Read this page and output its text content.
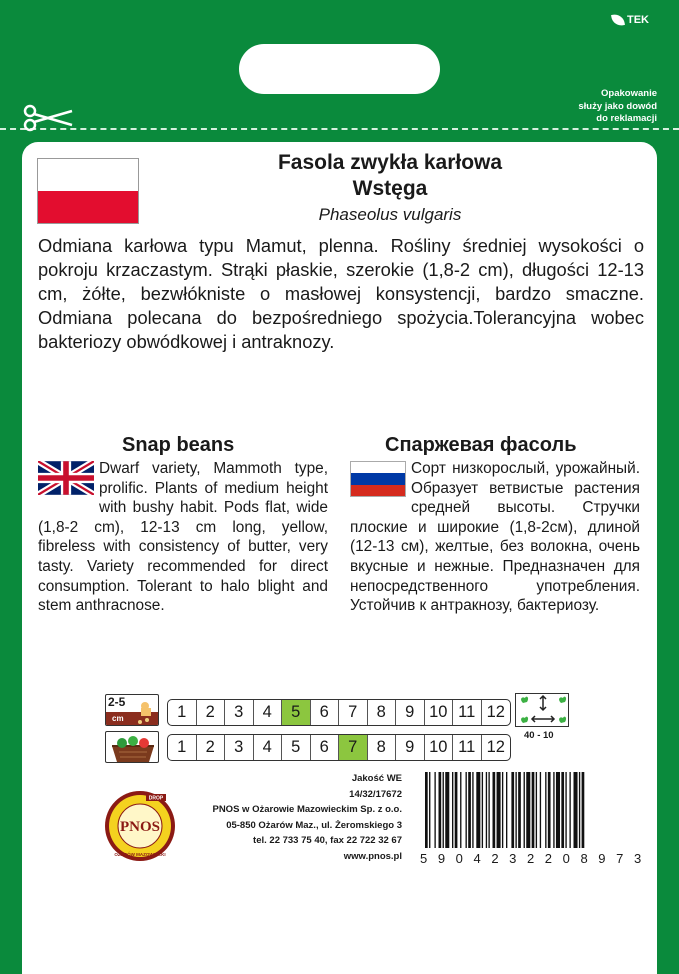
TEK
Opakowanie
służy jako dowód
do reklamacji
Fasola zwykła karłowa
Wstęga
Phaseolus vulgaris
Odmiana karłowa typu Mamut, plenna. Rośliny średniej wysokości o pokroju krzaczastym. Strąki płaskie, szerokie (1,8-2 cm), długości 12-13 cm, żółte, bezwłókniste o masłowej konsystencji, bardzo smaczne. Odmiana polecana do bezpośredniego spożycia.Tolerancyjna wobec bakteriozy obwódkowej i antraknozy.
Snap beans	Спаржевая фасоль
Dwarf variety, Mammoth type, prolific. Plants of medium height with bushy habit. Pods flat, wide (1,8-2 cm), 12-13 cm long, yellow, fibreless with consistency of butter, very tasty. Variety recommended for direct consumption. Tolerant to halo blight and stem anthracnose.
Сорт низкорослый, урожайный. Образует ветвистые растения средней высоты. Стручки плоские и широкие (1,8-2см), длиной (12-13 см), желтые, без волокна, очень вкусные и нежные. Предназначен для непосредственного употребления. Устойчив к антракнозу, бактериозу.
2-5
cm	1	2	3	4	5	6	7	8	9 10 11 12
1	2	3	4	5	6	7	8	9 10 11 12
40 - 10
PNOS
DROP
OŻARÓW MAZOWIECKI
Jakość WE
14/32/17672
PNOS w Ożarowie Mazowieckim Sp. z o.o.
05-850 Ożarów Maz., ul. Żeromskiego 3
tel. 22 733 75 40, fax 22 722 32 67
www.pnos.pl 5 9 0 4 2 3 2 2 0 8 9 7 3
